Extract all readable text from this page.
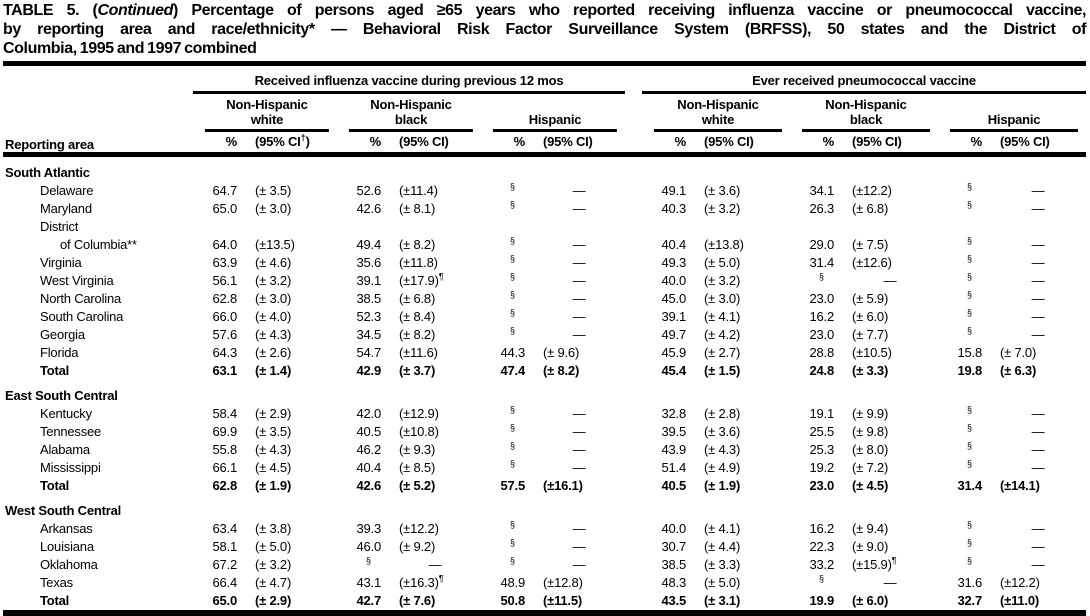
TABLE 5. (Continued) Percentage of persons aged ≥65 years who reported receiving influenza vaccine or pneumococcal vaccine,
by reporting area and race/ethnicity* — Behavioral Risk Factor Surveillance System (BRFSS), 50 states and the District of
Columbia, 1995 and 1997 combined
Reporting area	Received influenza vaccine during previous 12 mos							Ever received pneumococcal vaccine					

	Non-Hispanic
white		Non-Hispanic
black		Hispanic			Non-Hispanic
white		Non-Hispanic
black		Hispanic	

	%	(95% CI†)	%	(95% CI)	%	(95% CI)		%	(95% CI)	%	(95% CI)	%	(95% CI)
South Atlantic													
Delaware	64.7	(± 3.5)	52.6	(±11.4)	§	—		49.1	(± 3.6)	34.1	(±12.2)	§	—
Maryland	65.0	(± 3.0)	42.6	(± 8.1)	§	—		40.3	(± 3.2)	26.3	(± 6.8)	§	—
District													
of Columbia**	64.0	(±13.5)	49.4	(± 8.2)	§	—		40.4	(±13.8)	29.0	(± 7.5)	§	—
Virginia	63.9	(± 4.6)	35.6	(±11.8)	§	—		49.3	(± 5.0)	31.4	(±12.6)	§	—
West Virginia	56.1	(± 3.2)	39.1	(±17.9)¶	§	—		40.0	(± 3.2)	§	—	§	—
North Carolina	62.8	(± 3.0)	38.5	(± 6.8)	§	—		45.0	(± 3.0)	23.0	(± 5.9)	§	—
South Carolina	66.0	(± 4.0)	52.3	(± 8.4)	§	—		39.1	(± 4.1)	16.2	(± 6.0)	§	—
Georgia	57.6	(± 4.3)	34.5	(± 8.2)	§	—		49.7	(± 4.2)	23.0	(± 7.7)	§	—
Florida	64.3	(± 2.6)	54.7	(±11.6)	44.3	(± 9.6)		45.9	(± 2.7)	28.8	(±10.5)	15.8	(± 7.0)
Total	63.1	(± 1.4)	42.9	(± 3.7)	47.4	(± 8.2)		45.4	(± 1.5)	24.8	(± 3.3)	19.8	(± 6.3)
East South Central													
Kentucky	58.4	(± 2.9)	42.0	(±12.9)	§	—		32.8	(± 2.8)	19.1	(± 9.9)	§	—
Tennessee	69.9	(± 3.5)	40.5	(±10.8)	§	—		39.5	(± 3.6)	25.5	(± 9.8)	§	—
Alabama	55.8	(± 4.3)	46.2	(± 9.3)	§	—		43.9	(± 4.3)	25.3	(± 8.0)	§	—
Mississippi	66.1	(± 4.5)	40.4	(± 8.5)	§	—		51.4	(± 4.9)	19.2	(± 7.2)	§	—
Total	62.8	(± 1.9)	42.6	(± 5.2)	57.5	(±16.1)		40.5	(± 1.9)	23.0	(± 4.5)	31.4	(±14.1)
West South Central													
Arkansas	63.4	(± 3.8)	39.3	(±12.2)	§	—		40.0	(± 4.1)	16.2	(± 9.4)	§	—
Louisiana	58.1	(± 5.0)	46.0	(± 9.2)	§	—		30.7	(± 4.4)	22.3	(± 9.0)	§	—
Oklahoma	67.2	(± 3.2)	§	—	§	—		38.5	(± 3.3)	33.2	(±15.9)¶	§	—
Texas	66.4	(± 4.7)	43.1	(±16.3)¶	48.9	(±12.8)		48.3	(± 5.0)	§	—	31.6	(±12.2)
Total	65.0	(± 2.9)	42.7	(± 7.6)	50.8	(±11.5)		43.5	(± 3.1)	19.9	(± 6.0)	32.7	(±11.0)
